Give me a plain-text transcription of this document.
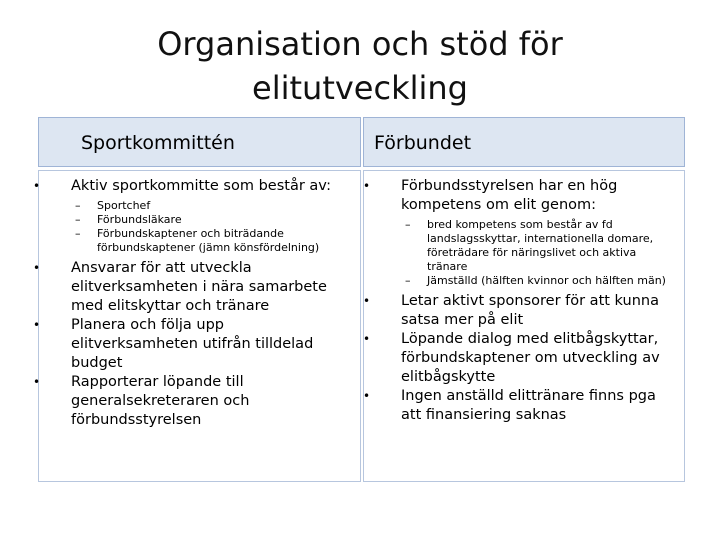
Organisation och stöd för
elitutveckling
Sportkommittén	Förbundet
• Aktiv sportkommitte som består av:
– Sportchef
– Förbundsläkare
– Förbundskaptener och biträdande förbundskaptener (jämn könsfördelning)
• Ansvarar för att utveckla elitverksamheten i nära samarbete med elitskyttar och tränare
• Planera och följa upp elitverksamheten utifrån tilldelad budget
• Rapporterar löpande till generalsekreteraren och förbundsstyrelsen
• Förbundsstyrelsen har en hög kompetens om elit genom:
– bred kompetens som består av fd landslagsskyttar, internationella domare, företrädare för näringslivet och aktiva tränare
– Jämställd (hälften kvinnor och hälften män)
• Letar aktivt sponsorer för att kunna satsa mer på elit
• Löpande dialog med elitbågskyttar, förbundskaptener om utveckling av elitbågskytte
• Ingen anställd elittränare finns pga att finansiering saknas
